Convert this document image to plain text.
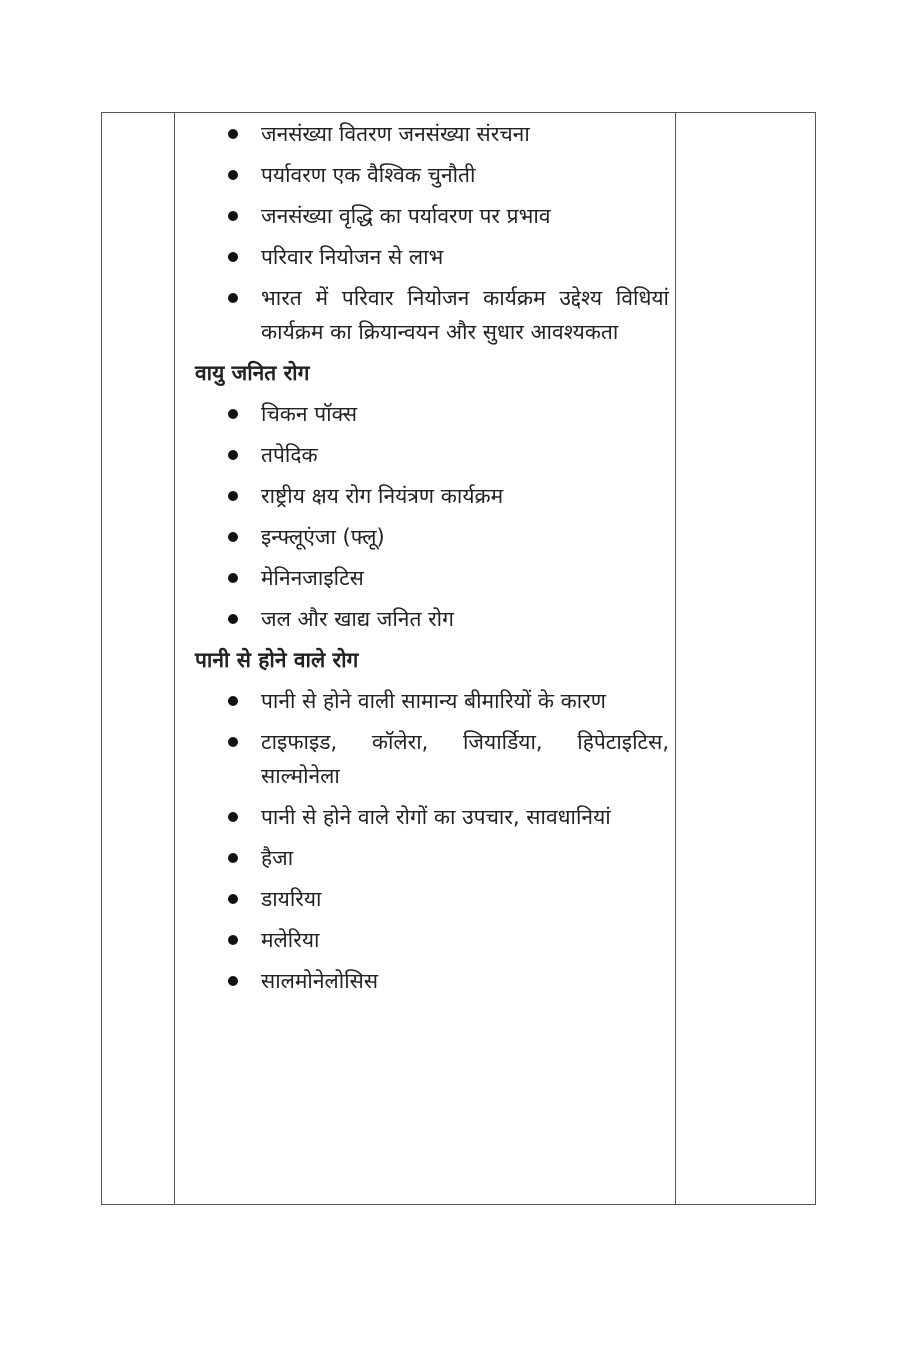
जनसंख्या वितरण जनसंख्या संरचना
पर्यावरण एक वैश्विक चुनौती
जनसंख्या वृद्धि का पर्यावरण पर प्रभाव
परिवार नियोजन से लाभ
भारत में परिवार नियोजन कार्यक्रम उद्देश्य विधियां कार्यक्रम का क्रियान्वयन और सुधार आवश्यकता
वायु जनित रोग
चिकन पॉक्स
तपेदिक
राष्ट्रीय क्षय रोग नियंत्रण कार्यक्रम
इन्फ्लूएंजा (फ्लू)
मेनिनजाइटिस
जल और खाद्य जनित रोग
पानी से होने वाले रोग
पानी से होने वाली सामान्य बीमारियों के कारण
टाइफाइड, कॉलेरा, जियार्डिया, हिपेटाइटिस, साल्मोनेला
पानी से होने वाले रोगों का उपचार, सावधानियां
हैजा
डायरिया
मलेरिया
सालमोनेलोसिस
